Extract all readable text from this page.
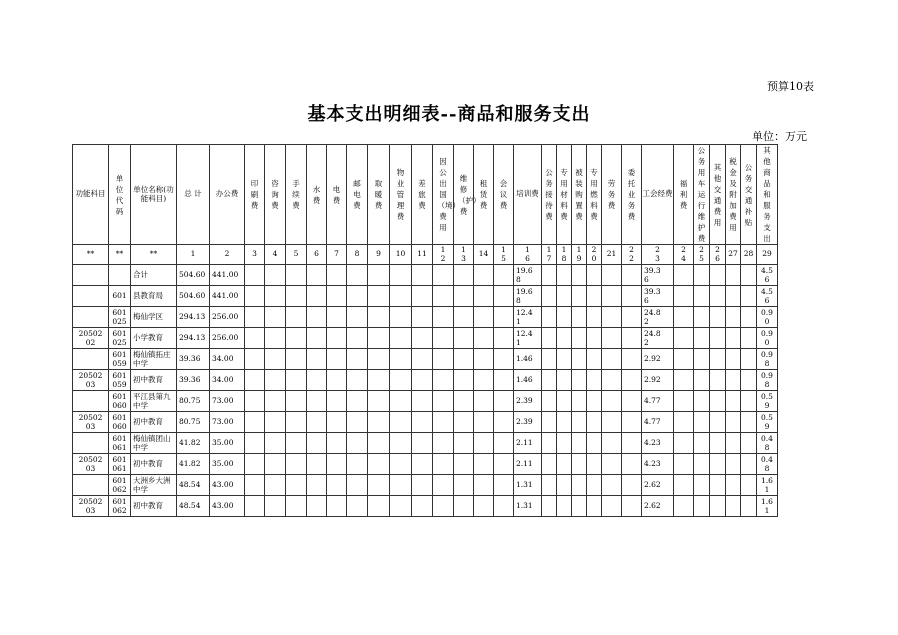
预算10表
基本支出明细表--商品和服务支出
单位：万元
功能科目	单位代码	单位名称(功能科目)	总 计	办公费	印刷费	咨询费	手续费	水费	电费	邮电费	取暖费	物业管理费	差旅费	因公出国（境）费用	维修（护）费	租赁费	会议费	培训费	公务接待费	专用材料费	被装购置费	专用燃料费	劳务费	委托业务费	工会经费	福利费	公务用车运行维护费	其他交通费用	税金及附加费用	公务交通补贴	其他商品和服务支出
**	**	**	1	2	3	4	5	6	7	8	9	10	11	12	13	14	15	16	17	18	19	20	21	22	23	24	25	26	27	28	29
		合计	504.60	441.00														19.68							39.36						4.56
	601	县教育局	504.60	441.00														19.68							39.36						4.56
	601025	梅仙学区	294.13	256.00														12.41							24.82						0.90
2050202	601025	小学教育	294.13	256.00														12.41							24.82						0.90
	601059	梅仙镇拓庄中学	39.36	34.00														1.46							2.92						0.98
2050203	601059	初中教育	39.36	34.00														1.46							2.92						0.98
	601060	平江县第九中学	80.75	73.00														2.39							4.77						0.59
2050203	601060	初中教育	80.75	73.00														2.39							4.77						0.59
	601061	梅仙镇团山中学	41.82	35.00														2.11							4.23						0.48
2050203	601061	初中教育	41.82	35.00														2.11							4.23						0.48
	601062	大洲乡大洲中学	48.54	43.00														1.31							2.62						1.61
2050203	601062	初中教育	48.54	43.00														1.31							2.62						1.61
